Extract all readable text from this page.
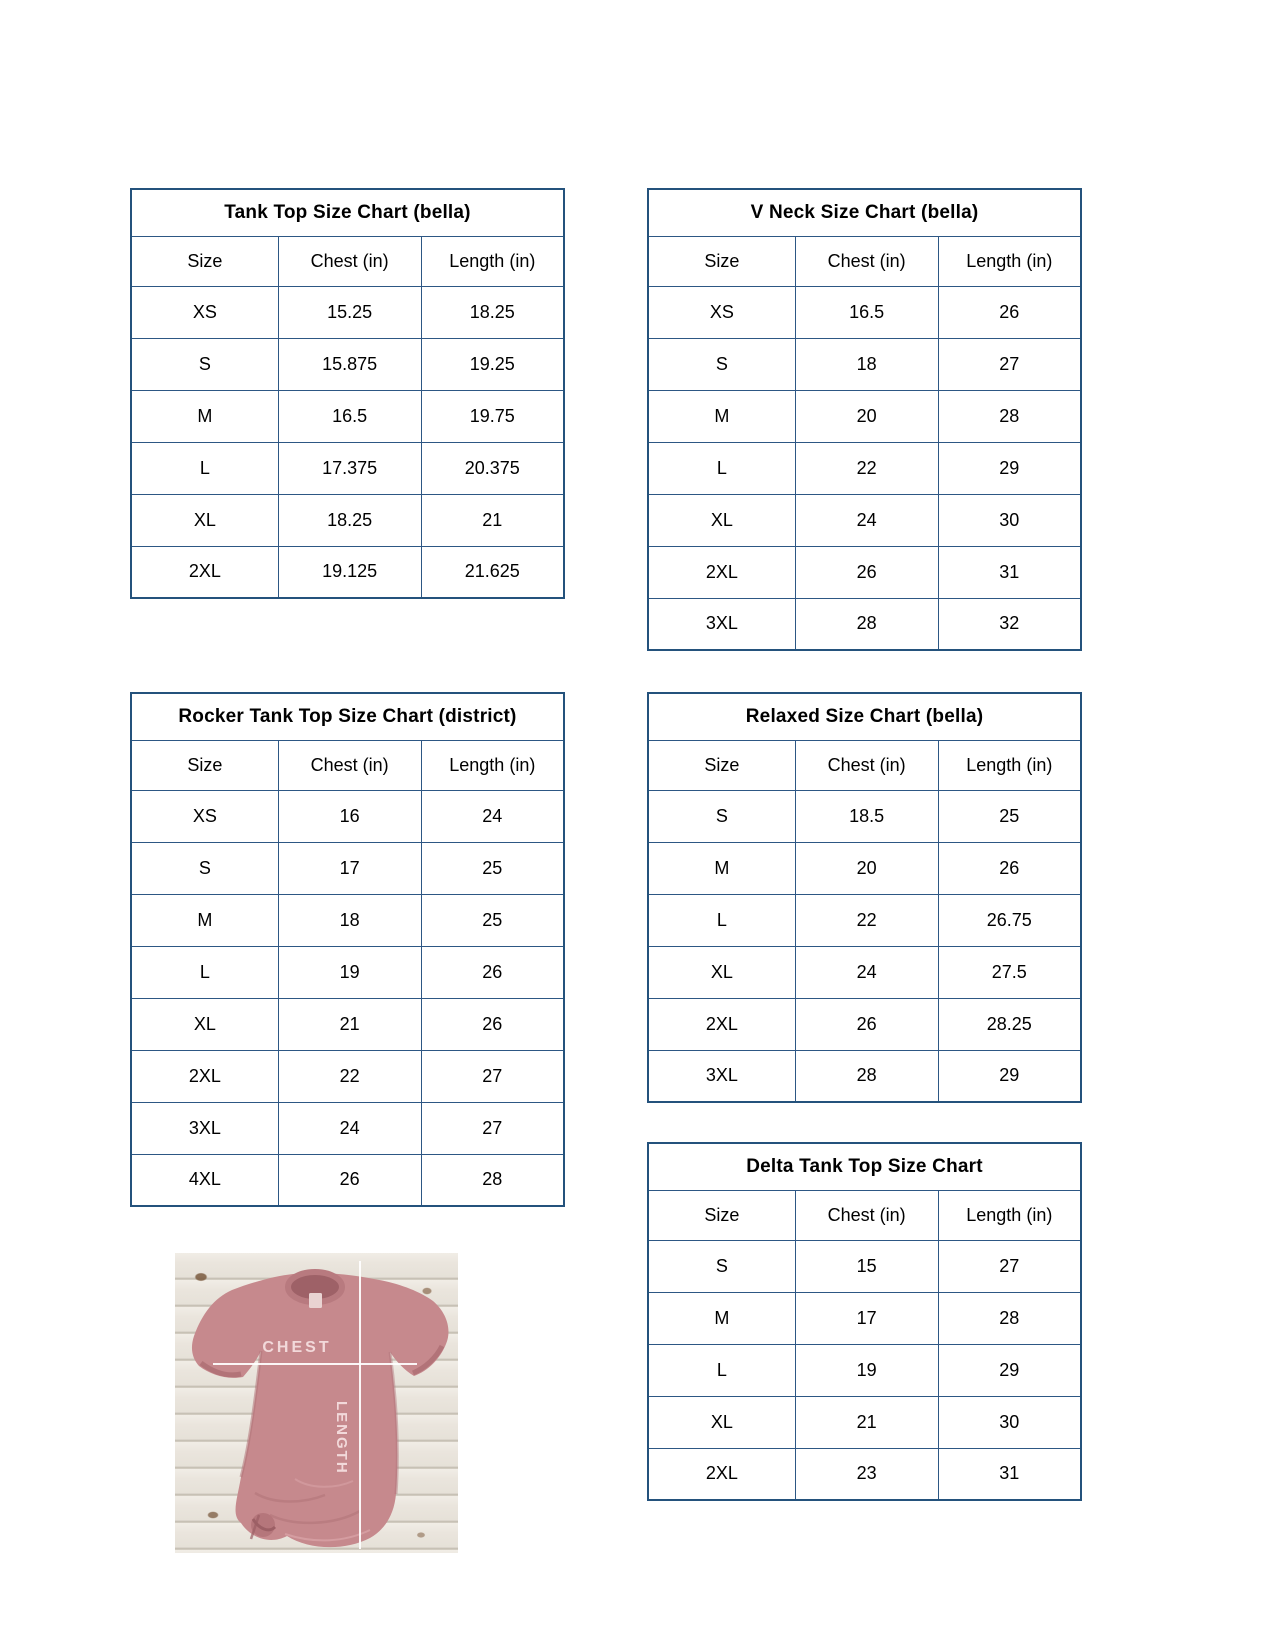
Tank Top Size Chart (bella)		
Size	Chest (in)	Length (in)
XS	15.25	18.25
S	15.875	19.25
M	16.5	19.75
L	17.375	20.375
XL	18.25	21
2XL	19.125	21.625
Rocker Tank Top Size Chart (district)		
Size	Chest (in)	Length (in)
XS	16	24
S	17	25
M	18	25
L	19	26
XL	21	26
2XL	22	27
3XL	24	27
4XL	26	28
V Neck Size Chart (bella)		
Size	Chest (in)	Length (in)
XS	16.5	26
S	18	27
M	20	28
L	22	29
XL	24	30
2XL	26	31
3XL	28	32
Relaxed Size Chart (bella)		
Size	Chest (in)	Length (in)
S	18.5	25
M	20	26
L	22	26.75
XL	24	27.5
2XL	26	28.25
3XL	28	29
Delta Tank Top Size Chart		
Size	Chest (in)	Length (in)
S	15	27
M	17	28
L	19	29
XL	21	30
2XL	23	31
CHEST
LENGTH
